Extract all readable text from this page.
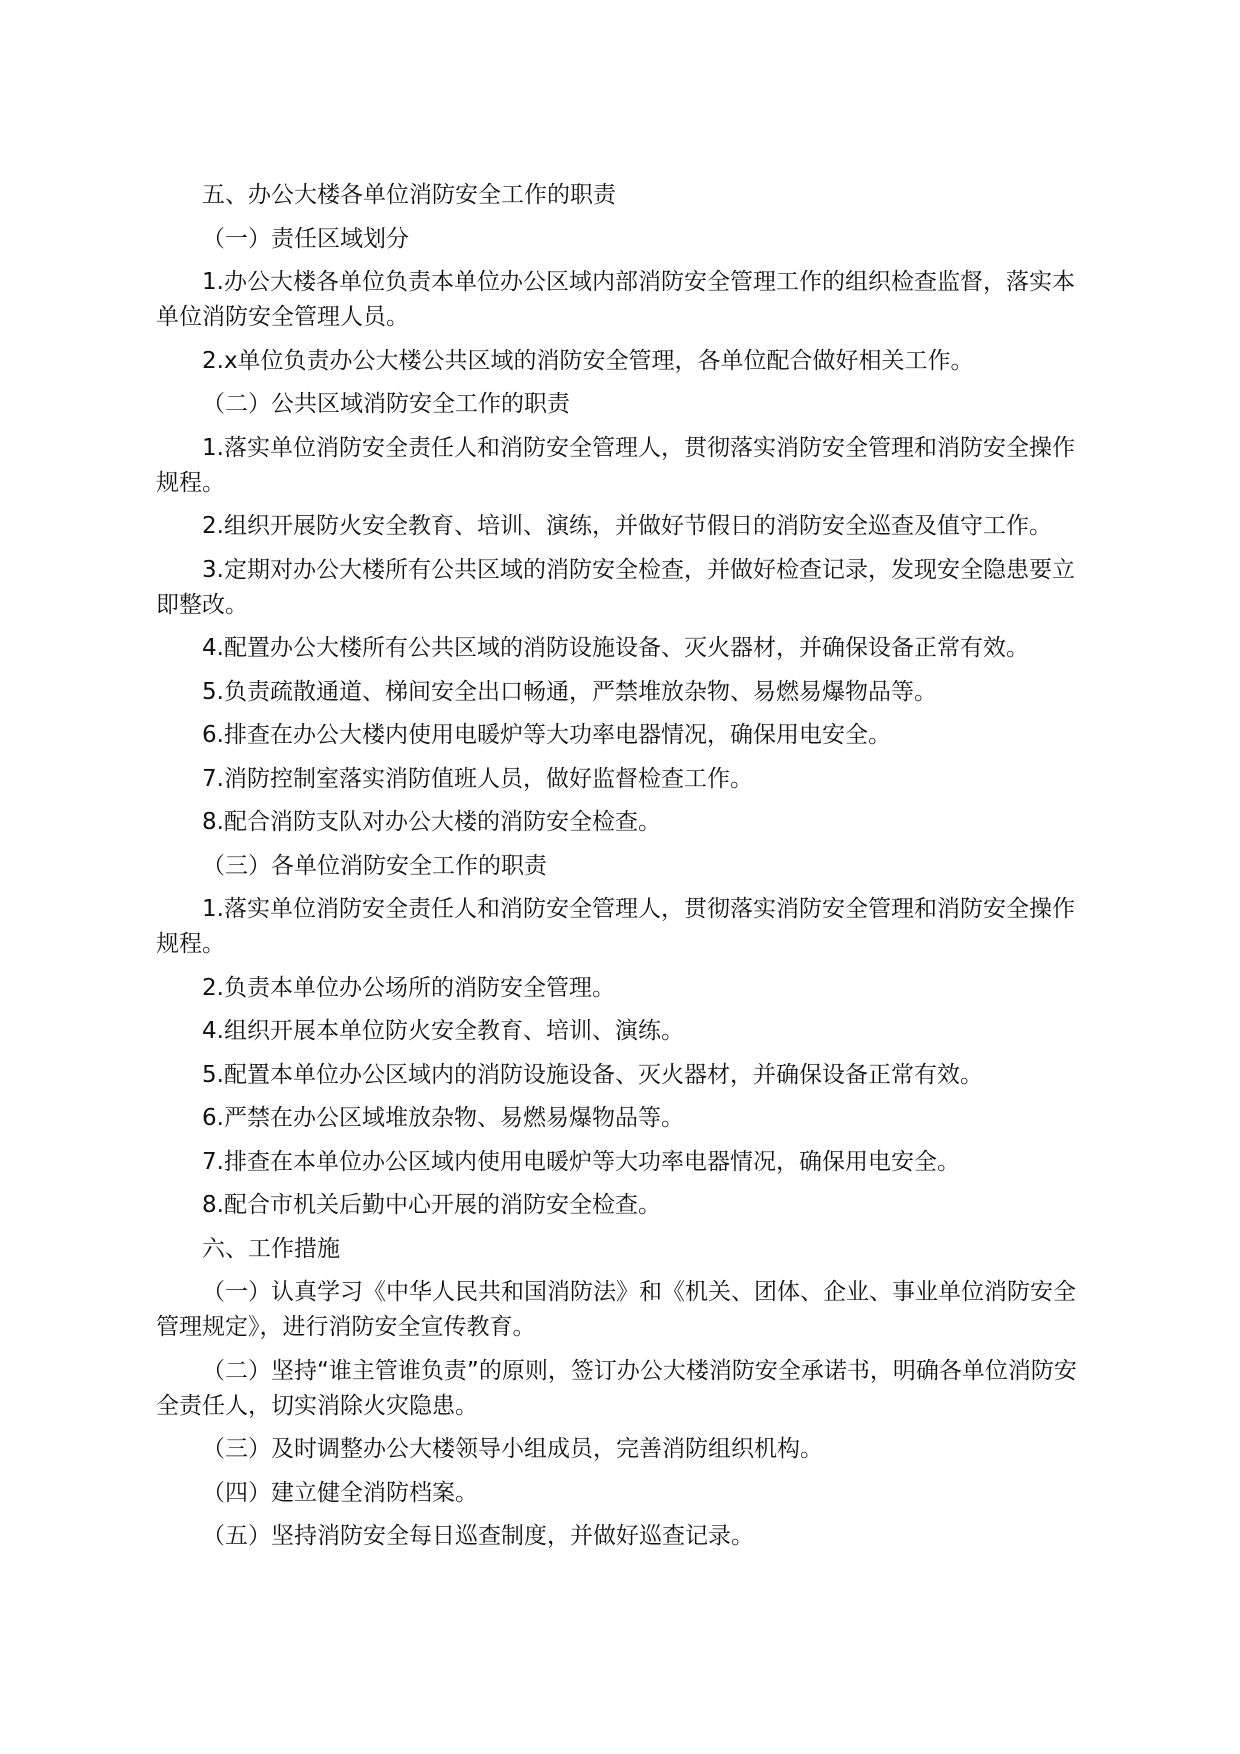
五、办公大楼各单位消防安全工作的职责

（一）责任区域划分

1.办公大楼各单位负责本单位办公区域内部消防安全管理工作的组织检查监督，落实本单位消防安全管理人员。

2.x单位负责办公大楼公共区域的消防安全管理，各单位配合做好相关工作。

（二）公共区域消防安全工作的职责

1.落实单位消防安全责任人和消防安全管理人，贯彻落实消防安全管理和消防安全操作规程。

2.组织开展防火安全教育、培训、演练，并做好节假日的消防安全巡查及值守工作。

3.定期对办公大楼所有公共区域的消防安全检查，并做好检查记录，发现安全隐患要立即整改。

4.配置办公大楼所有公共区域的消防设施设备、灭火器材，并确保设备正常有效。

5.负责疏散通道、梯间安全出口畅通，严禁堆放杂物、易燃易爆物品等。

6.排查在办公大楼内使用电暖炉等大功率电器情况，确保用电安全。

7.消防控制室落实消防值班人员，做好监督检查工作。

8.配合消防支队对办公大楼的消防安全检查。

（三）各单位消防安全工作的职责

1.落实单位消防安全责任人和消防安全管理人，贯彻落实消防安全管理和消防安全操作规程。

2.负责本单位办公场所的消防安全管理。

4.组织开展本单位防火安全教育、培训、演练。

5.配置本单位办公区域内的消防设施设备、灭火器材，并确保设备正常有效。

6.严禁在办公区域堆放杂物、易燃易爆物品等。

7.排查在本单位办公区域内使用电暖炉等大功率电器情况，确保用电安全。

8.配合市机关后勤中心开展的消防安全检查。

六、工作措施

（一）认真学习《中华人民共和国消防法》和《机关、团体、企业、事业单位消防安全管理规定》，进行消防安全宣传教育。

（二）坚持“谁主管谁负责”的原则，签订办公大楼消防安全承诺书，明确各单位消防安全责任人，切实消除火灾隐患。

（三）及时调整办公大楼领导小组成员，完善消防组织机构。

（四）建立健全消防档案。

（五）坚持消防安全每日巡查制度，并做好巡查记录。
